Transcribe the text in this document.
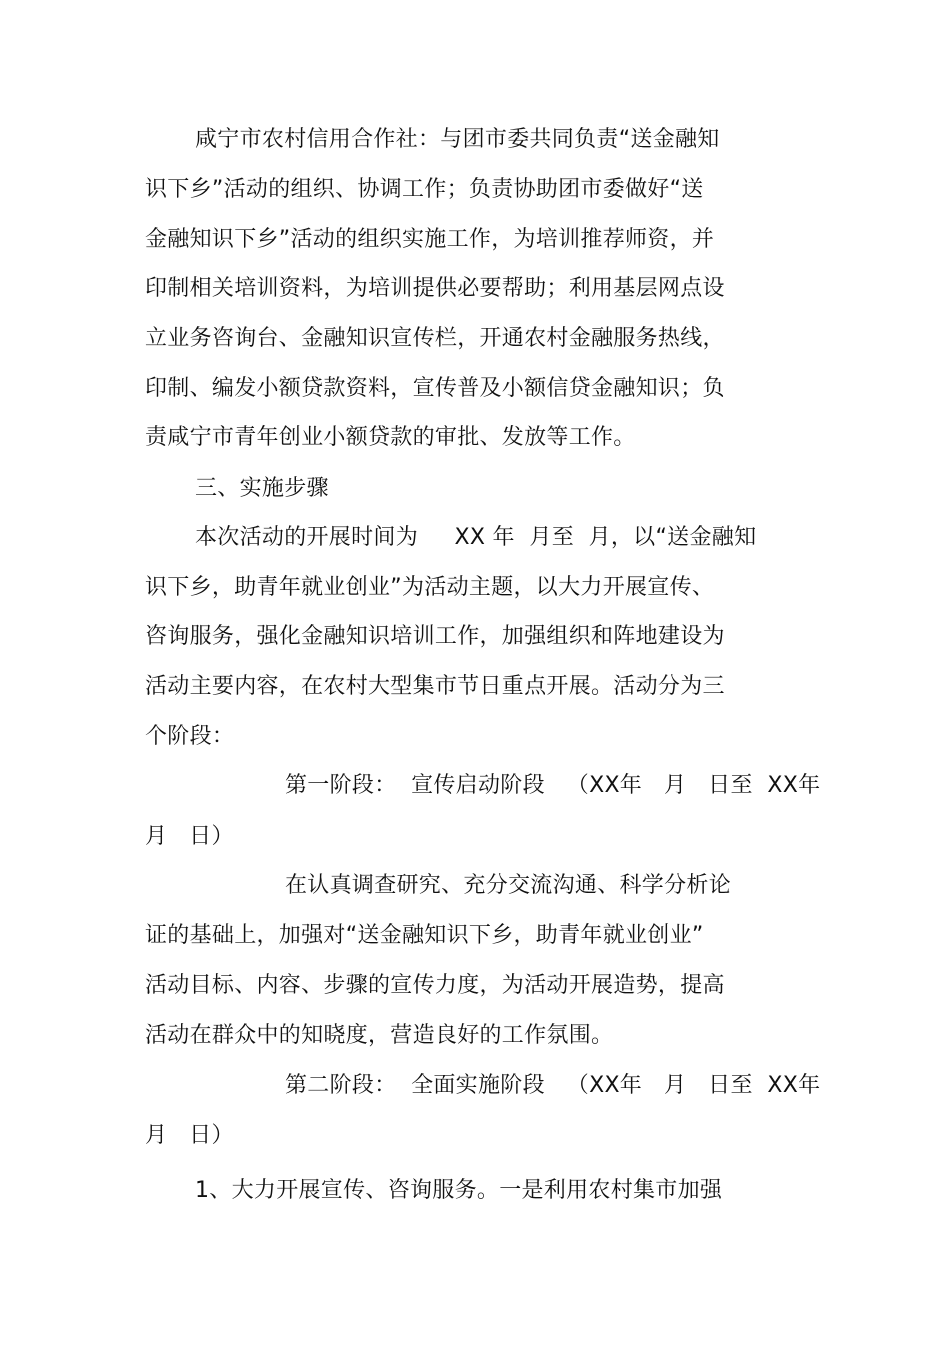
咸宁市农村信用合作社：与团市委共同负责“送金融知
识下乡”活动的组织、协调工作；负责协助团市委做好“送
金融知识下乡”活动的组织实施工作，为培训推荐师资，并
印制相关培训资料，为培训提供必要帮助；利用基层网点设
立业务咨询台、金融知识宣传栏，开通农村金融服务热线，
印制、编发小额贷款资料，宣传普及小额信贷金融知识；负
责咸宁市青年创业小额贷款的审批、发放等工作。
三、实施步骤
本次活动的开展时间为     XX 年  月至  月，以“送金融知
识下乡，助青年就业创业”为活动主题，以大力开展宣传、
咨询服务，强化金融知识培训工作，加强组织和阵地建设为
活动主要内容，在农村大型集市节日重点开展。活动分为三
个阶段：
第一阶段：  宣传启动阶段   （XX年   月   日至  XX年
月   日）
在认真调查研究、充分交流沟通、科学分析论
证的基础上，加强对“送金融知识下乡，助青年就业创业”
活动目标、内容、步骤的宣传力度，为活动开展造势，提高
活动在群众中的知晓度，营造良好的工作氛围。
第二阶段：  全面实施阶段   （XX年   月   日至  XX年
月   日）
1、大力开展宣传、咨询服务。一是利用农村集市加强
